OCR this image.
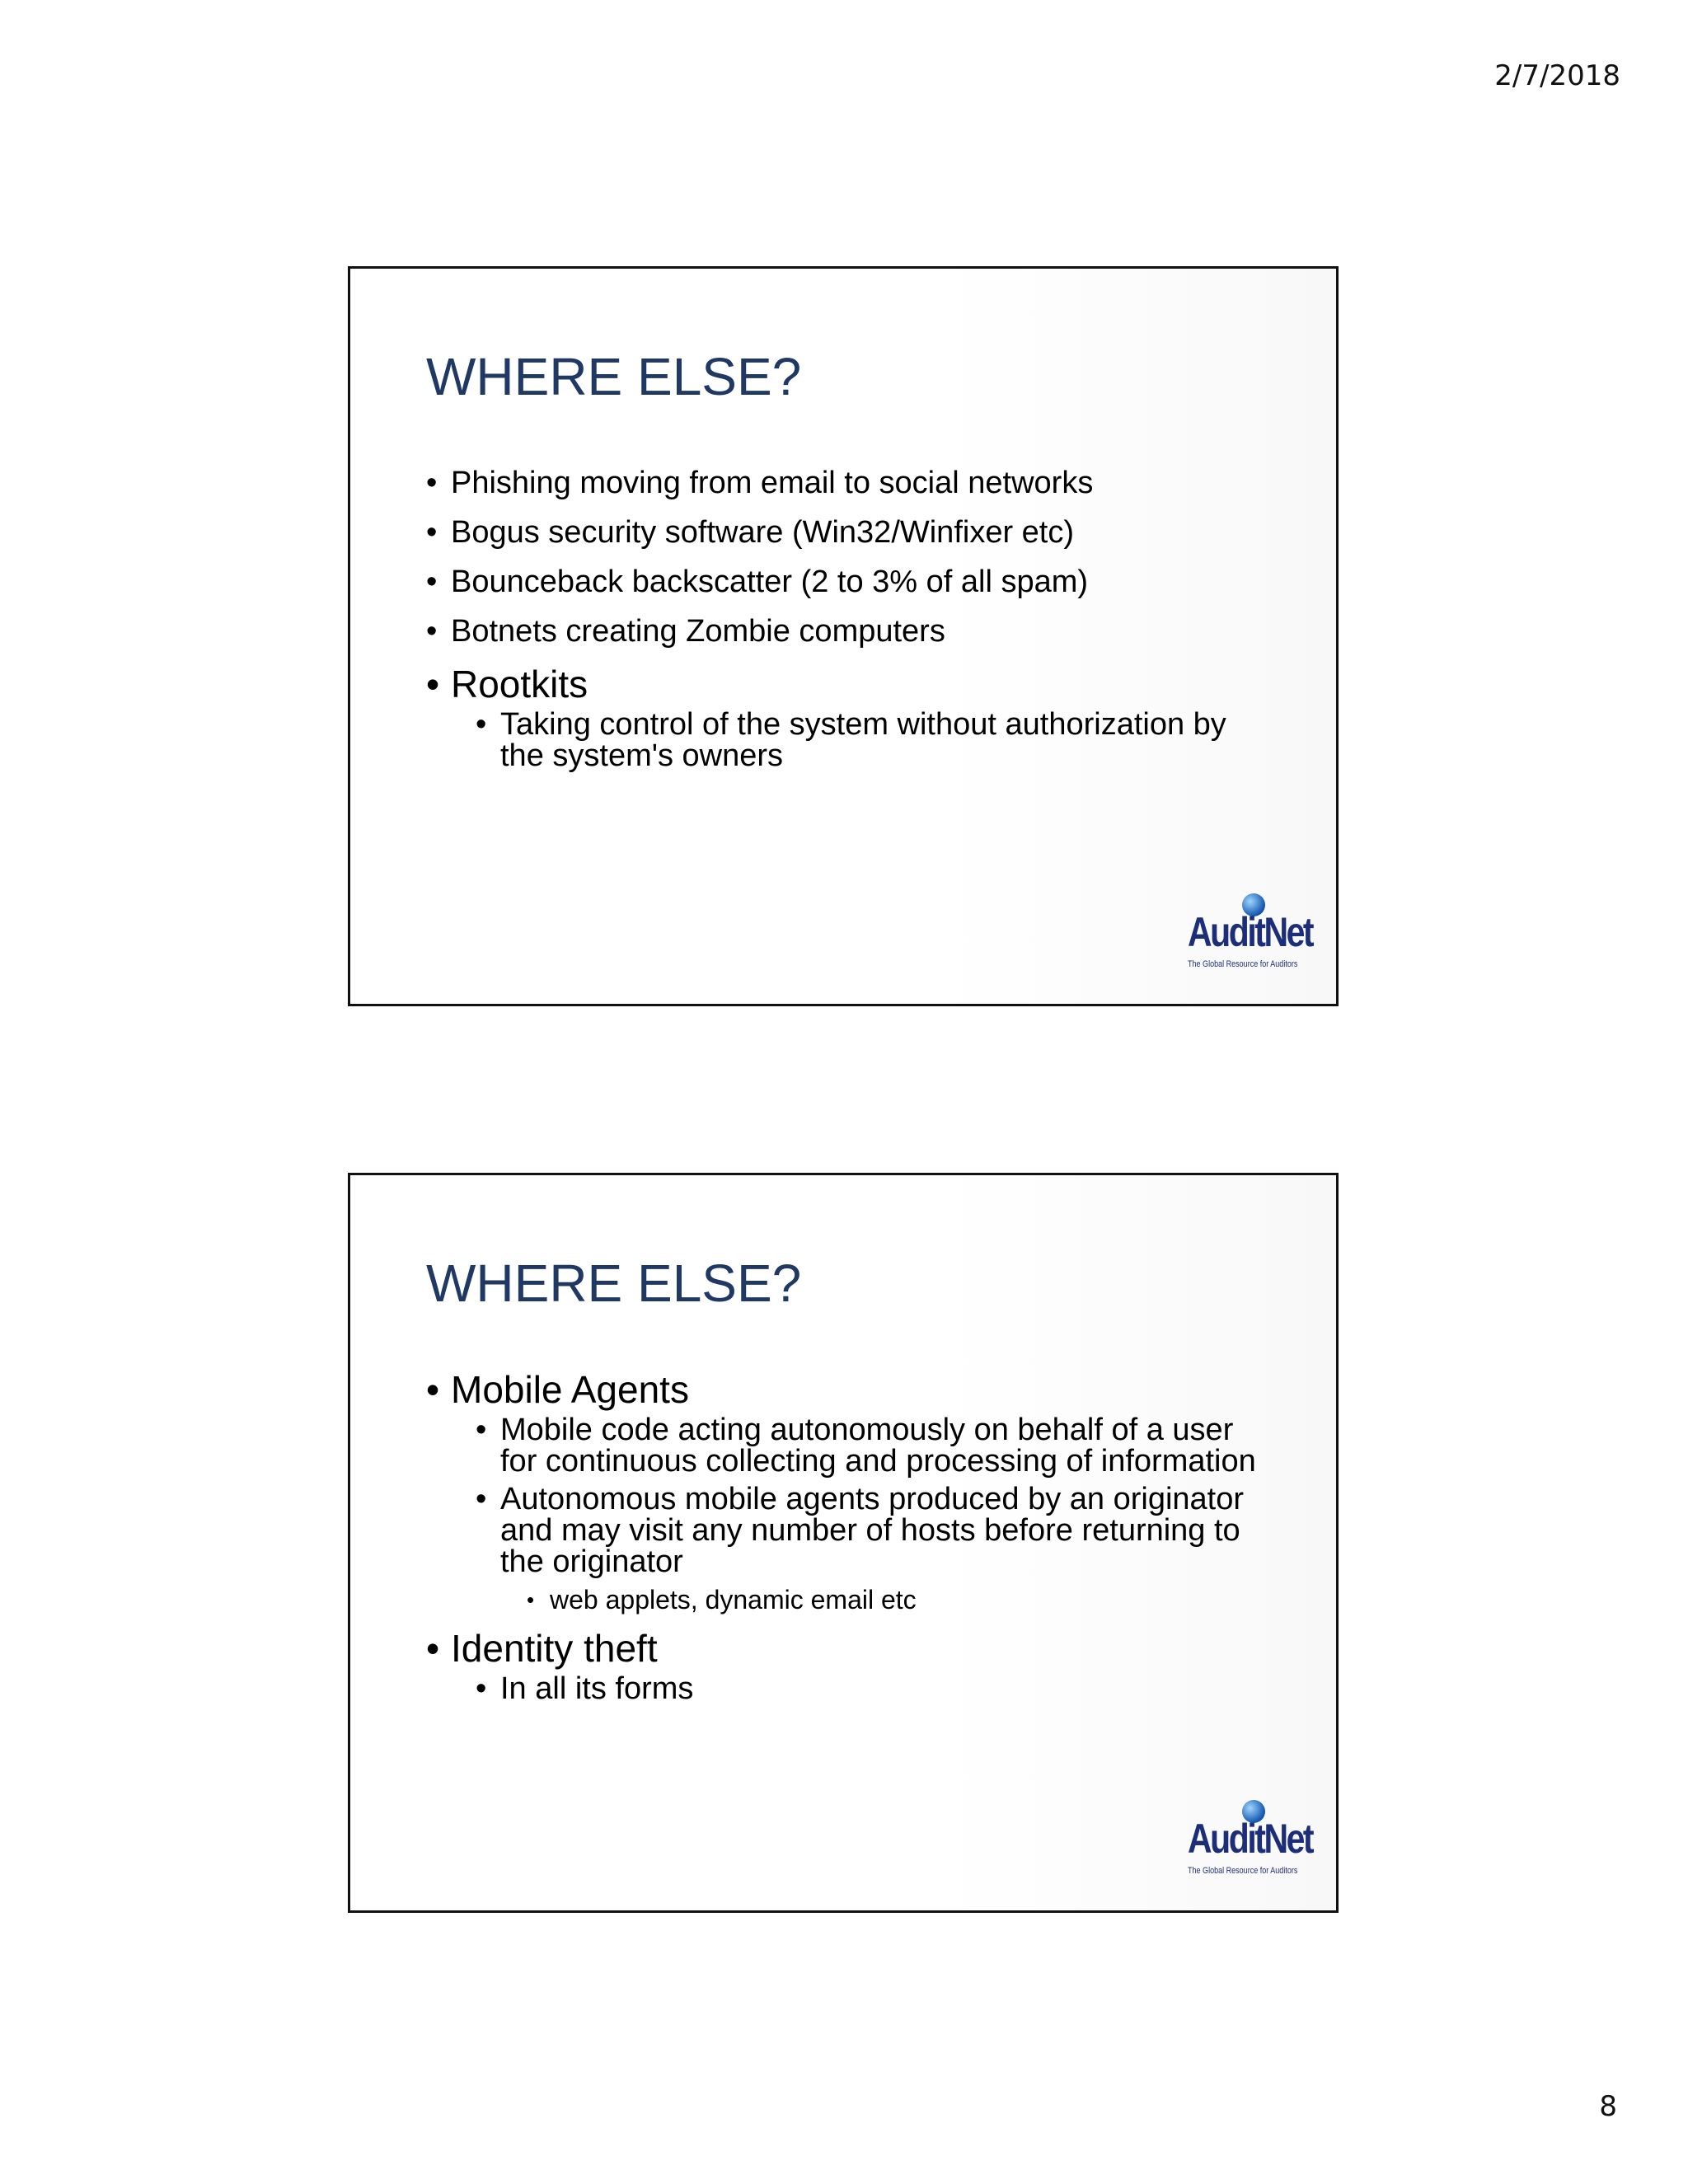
2/7/2018
WHERE ELSE?

• Phishing moving from email to social networks

• Bogus security software (Win32/Winfixer etc)

• Bounceback backscatter (2 to 3% of all spam)

• Botnets creating Zombie computers

• Rootkits

• Taking control of the system without authorization by the system's owners

AuditNet
The Global Resource for Auditors
WHERE ELSE?

• Mobile Agents

• Mobile code acting autonomously on behalf of a user for continuous collecting and processing of information

• Autonomous mobile agents produced by an originator and may visit any number of hosts before returning to the originator

• web applets, dynamic email etc

• Identity theft

• In all its forms

AuditNet
The Global Resource for Auditors
8
